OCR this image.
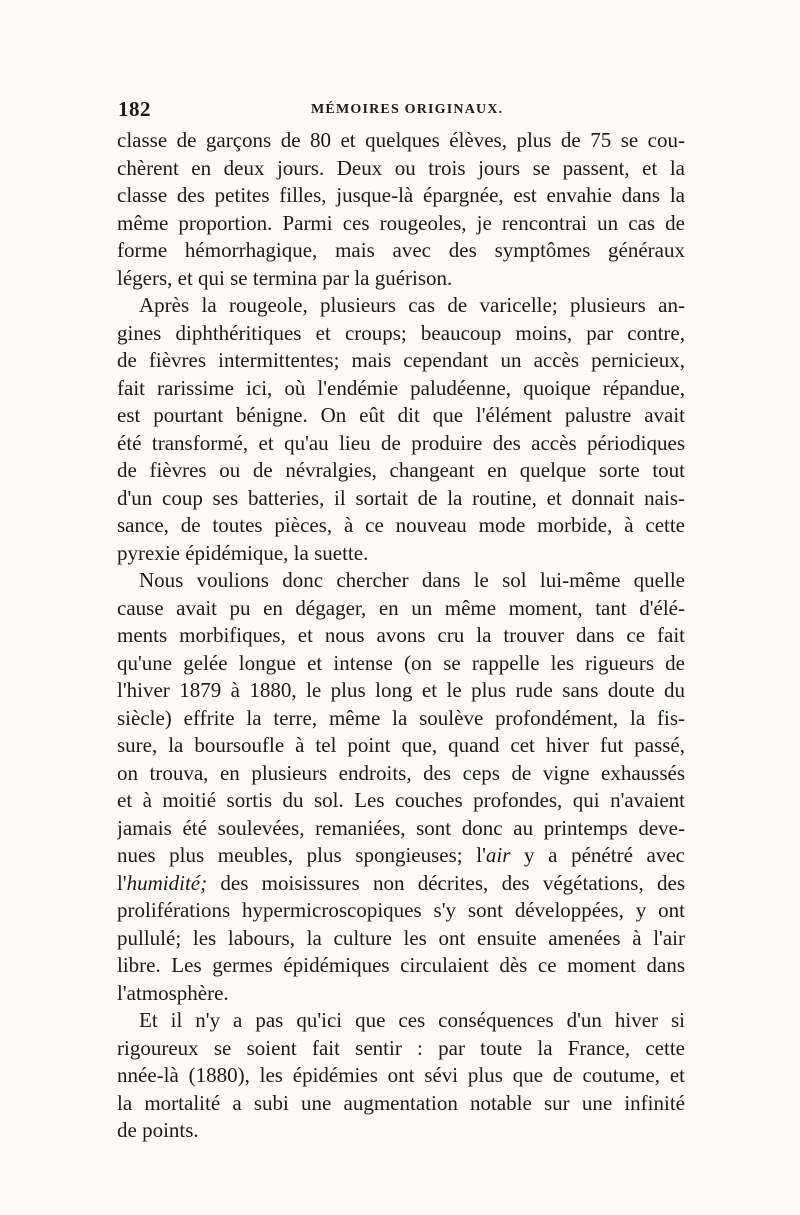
182	MÉMOIRES ORIGINAUX.
classe de garçons de 80 et quelques élèves, plus de 75 se cou-
chèrent en deux jours. Deux ou trois jours se passent, et la
classe des petites filles, jusque-là épargnée, est envahie dans la
même proportion. Parmi ces rougeoles, je rencontrai un cas de
forme hémorrhagique, mais avec des symptômes généraux
légers, et qui se termina par la guérison.
Après la rougeole, plusieurs cas de varicelle; plusieurs an-
gines diphthéritiques et croups; beaucoup moins, par contre,
de fièvres intermittentes; mais cependant un accès pernicieux,
fait rarissime ici, où l'endémie paludéenne, quoique répandue,
est pourtant bénigne. On eût dit que l'élément palustre avait
été transformé, et qu'au lieu de produire des accès périodiques
de fièvres ou de névralgies, changeant en quelque sorte tout
d'un coup ses batteries, il sortait de la routine, et donnait nais-
sance, de toutes pièces, à ce nouveau mode morbide, à cette
pyrexie épidémique, la suette.
Nous voulions donc chercher dans le sol lui-même quelle
cause avait pu en dégager, en un même moment, tant d'élé-
ments morbifiques, et nous avons cru la trouver dans ce fait
qu'une gelée longue et intense (on se rappelle les rigueurs de
l'hiver 1879 à 1880, le plus long et le plus rude sans doute du
siècle) effrite la terre, même la soulève profondément, la fis-
sure, la boursoufle à tel point que, quand cet hiver fut passé,
on trouva, en plusieurs endroits, des ceps de vigne exhaussés
et à moitié sortis du sol. Les couches profondes, qui n'avaient
jamais été soulevées, remaniées, sont donc au printemps deve-
nues plus meubles, plus spongieuses; l'air y a pénétré avec
l'humidité; des moisissures non décrites, des végétations, des
proliférations hypermicroscopiques s'y sont développées, y ont
pullulé; les labours, la culture les ont ensuite amenées à l'air
libre. Les germes épidémiques circulaient dès ce moment dans
l'atmosphère.
Et il n'y a pas qu'ici que ces conséquences d'un hiver si
rigoureux se soient fait sentir : par toute la France, cette
nnée-là (1880), les épidémies ont sévi plus que de coutume, et
la mortalité a subi une augmentation notable sur une infinité
de points.
